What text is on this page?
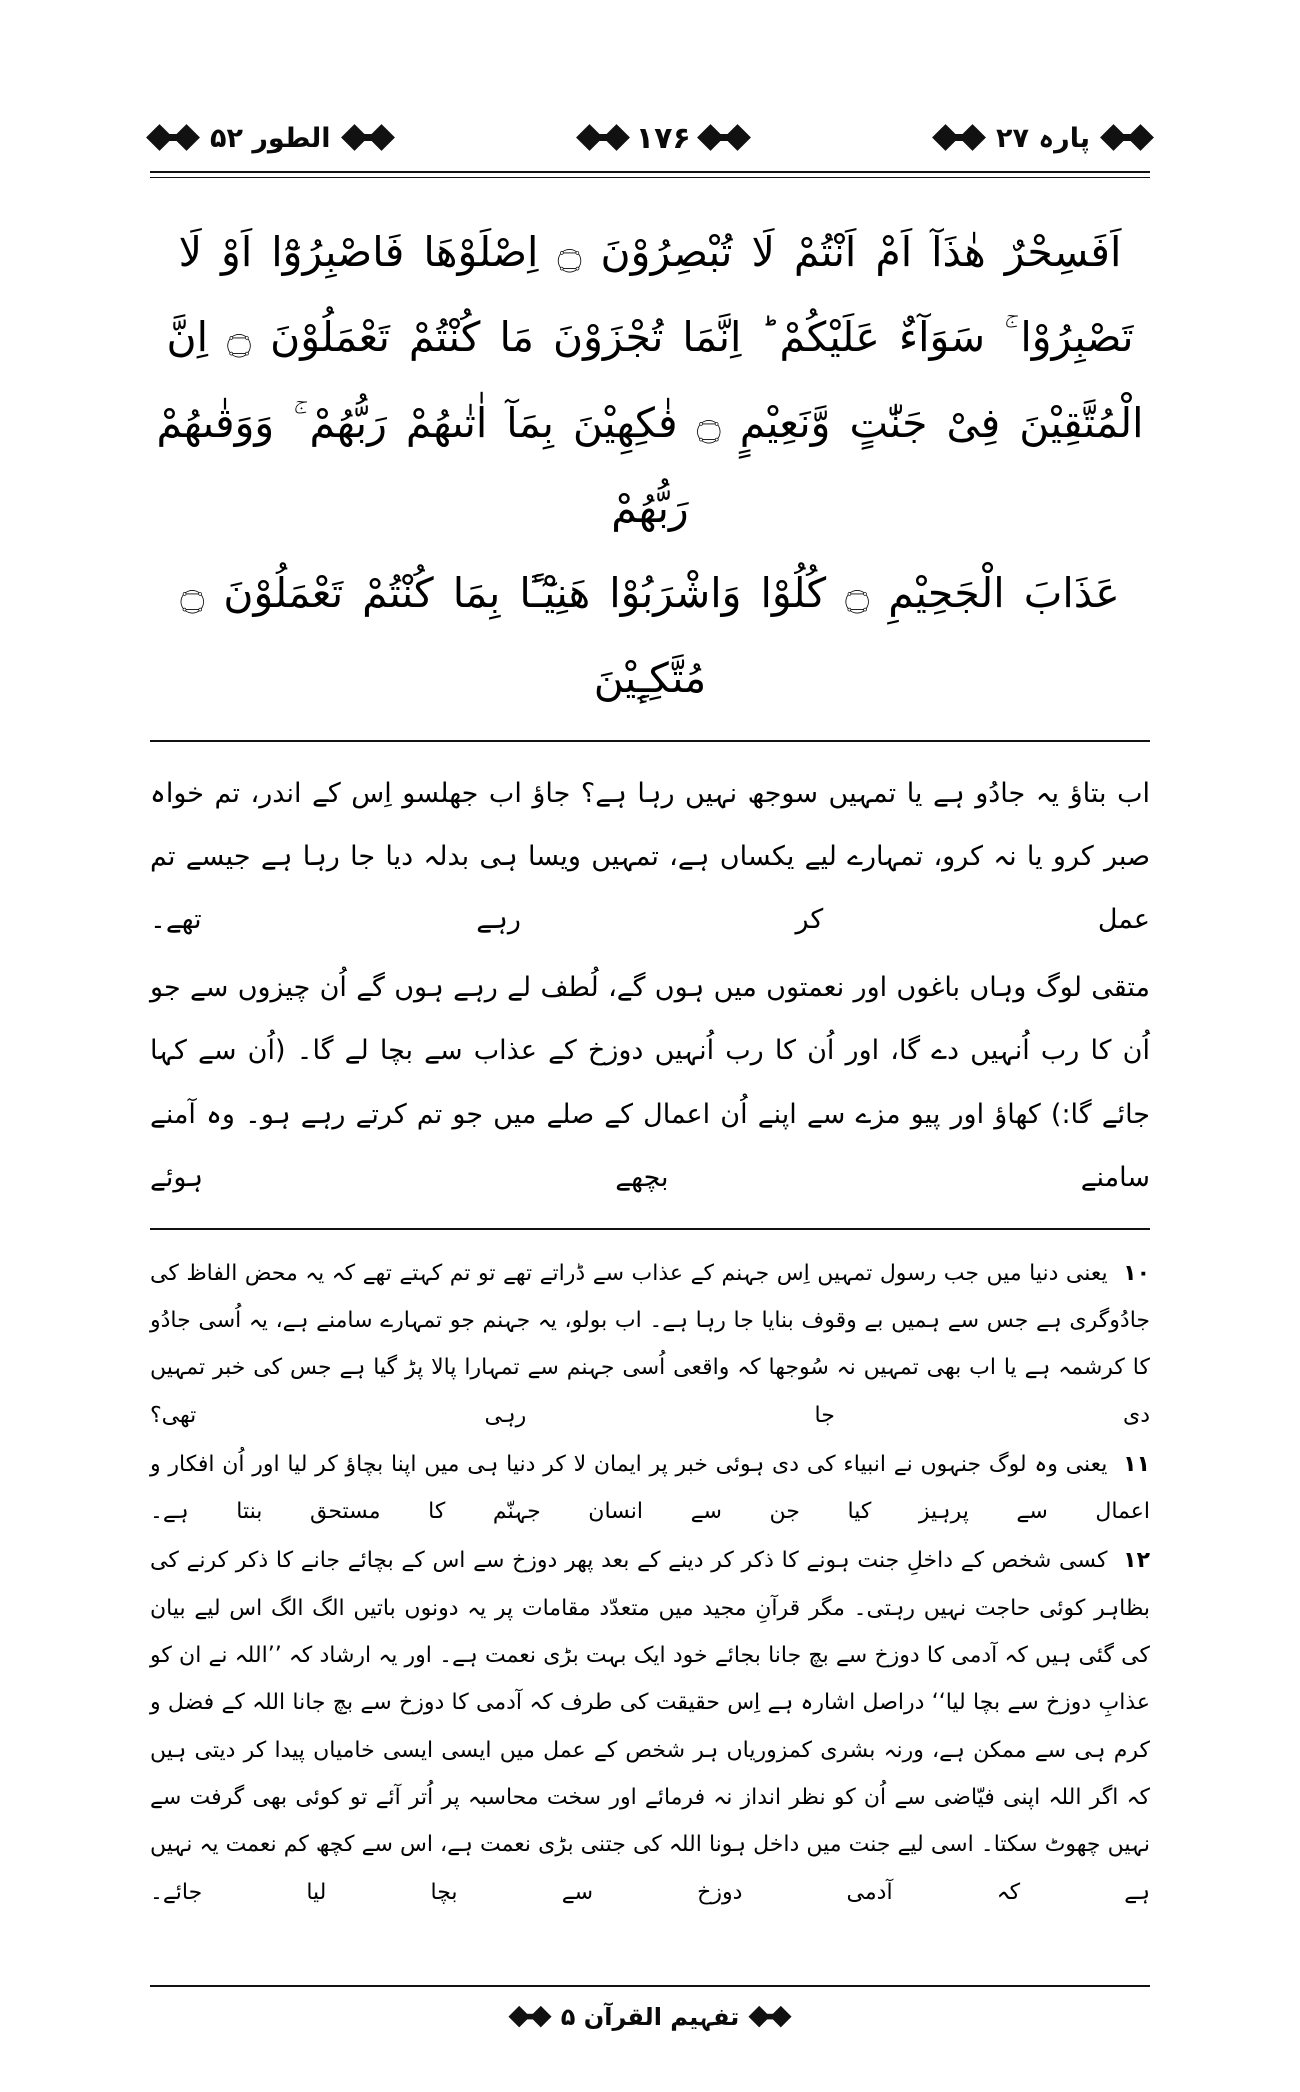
پارہ ۲۷
۱۷۶
الطور ۵۲
اَفَسِحْرٌ هٰذَآ اَمْ اَنْتُمْ لَا تُبْصِرُوْنَ ۝ اِصْلَوْهَا فَاصْبِرُوْٓا اَوْ لَا
تَصْبِرُوْا ۚ سَوَآءٌ عَلَيْكُمْ ؕ اِنَّمَا تُجْزَوْنَ مَا كُنْتُمْ تَعْمَلُوْنَ ۝ اِنَّ
الْمُتَّقِيْنَ فِىْ جَنّٰتٍ وَّنَعِيْمٍ ۝ فٰكِهِيْنَ بِمَآ اٰتٰىهُمْ رَبُّهُمْ ۚ وَوَقٰىهُمْ رَبُّهُمْ
عَذَابَ الْجَحِيْمِ ۝ كُلُوْا وَاشْرَبُوْا هَنِيْٓـًٔا بِمَا كُنْتُمْ تَعْمَلُوْنَ ۝ مُتَّكِـِٕيْنَ

اب بتاؤ یہ جادُو ہے یا تمہیں سوجھ نہیں رہا ہے؟ جاؤ اب جھلسو اِس کے اندر، تم خواہ صبر کرو یا نہ کرو، تمہارے لیے یکساں ہے، تمہیں ویسا ہی بدلہ دیا جا رہا ہے جیسے تم عمل کر رہے تھے۔

متقی لوگ وہاں باغوں اور نعمتوں میں ہوں گے، لُطف لے رہے ہوں گے اُن چیزوں سے جو اُن کا رب اُنہیں دے گا، اور اُن کا رب اُنہیں دوزخ کے عذاب سے بچا لے گا۔ (اُن سے کہا جائے گا:) کھاؤ اور پیو مزے سے اپنے اُن اعمال کے صلے میں جو تم کرتے رہے ہو۔ وہ آمنے سامنے بچھے ہوئے

۱۰ یعنی دنیا میں جب رسول تمہیں اِس جہنم کے عذاب سے ڈراتے تھے تو تم کہتے تھے کہ یہ محض الفاظ کی جادُوگری ہے جس سے ہمیں بے وقوف بنایا جا رہا ہے۔ اب بولو، یہ جہنم جو تمہارے سامنے ہے، یہ اُسی جادُو کا کرشمہ ہے یا اب بھی تمہیں نہ سُوجھا کہ واقعی اُسی جہنم سے تمہارا پالا پڑ گیا ہے جس کی خبر تمہیں دی جا رہی تھی؟

۱۱ یعنی وہ لوگ جنہوں نے انبیاء کی دی ہوئی خبر پر ایمان لا کر دنیا ہی میں اپنا بچاؤ کر لیا اور اُن افکار و اعمال سے پرہیز کیا جن سے انسان جہنّم کا مستحق بنتا ہے۔

۱۲ کسی شخص کے داخلِ جنت ہونے کا ذکر کر دینے کے بعد پھر دوزخ سے اس کے بچائے جانے کا ذکر کرنے کی بظاہر کوئی حاجت نہیں رہتی۔ مگر قرآنِ مجید میں متعدّد مقامات پر یہ دونوں باتیں الگ الگ اس لیے بیان کی گئی ہیں کہ آدمی کا دوزخ سے بچ جانا بجائے خود ایک بہت بڑی نعمت ہے۔ اور یہ ارشاد کہ ’’اللہ نے ان کو عذابِ دوزخ سے بچا لیا‘‘ دراصل اشارہ ہے اِس حقیقت کی طرف کہ آدمی کا دوزخ سے بچ جانا اللہ کے فضل و کرم ہی سے ممکن ہے، ورنہ بشری کمزوریاں ہر شخص کے عمل میں ایسی ایسی خامیاں پیدا کر دیتی ہیں کہ اگر اللہ اپنی فیّاضی سے اُن کو نظر انداز نہ فرمائے اور سخت محاسبہ پر اُتر آئے تو کوئی بھی گرفت سے نہیں چھوٹ سکتا۔ اسی لیے جنت میں داخل ہونا اللہ کی جتنی بڑی نعمت ہے، اس سے کچھ کم نعمت یہ نہیں ہے کہ آدمی دوزخ سے بچا لیا جائے۔

تفہیم القرآن ۵
